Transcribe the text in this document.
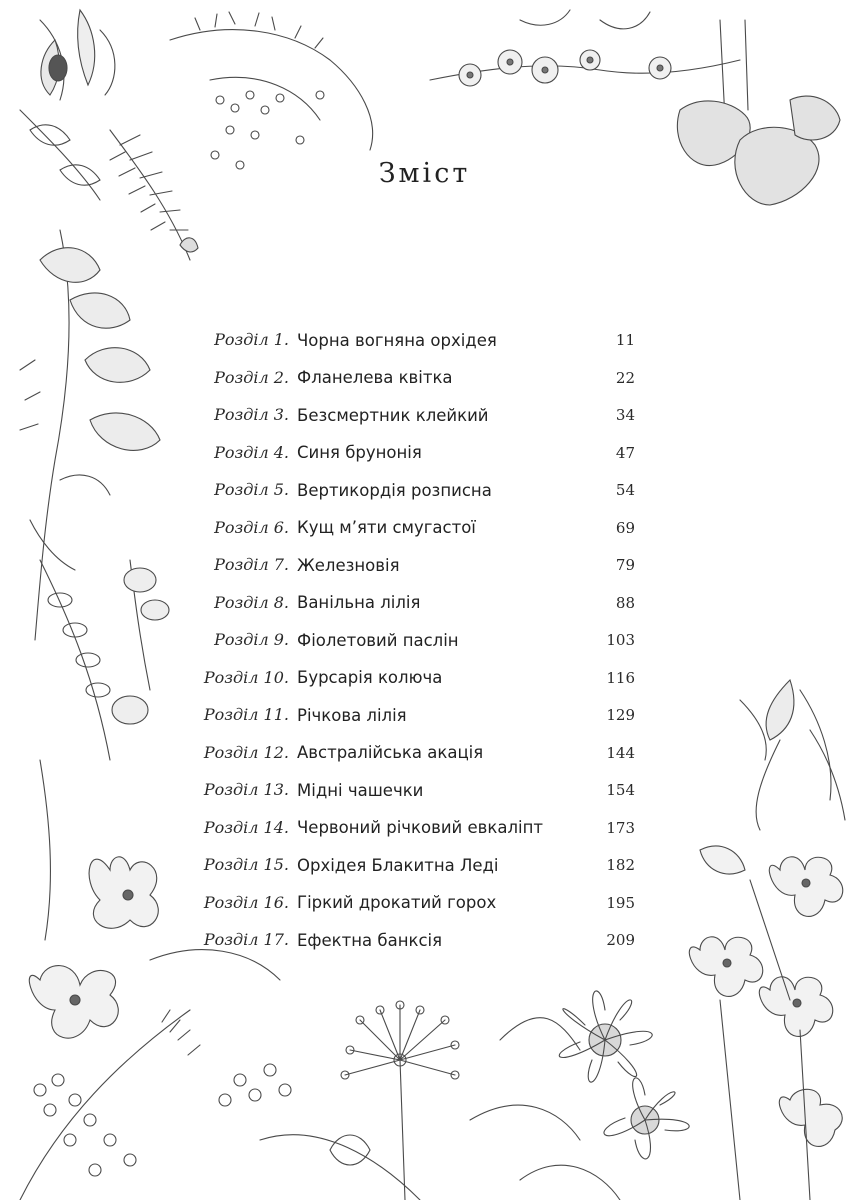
Зміст
Розділ 1. Чорна вогняна орхідея	11
Розділ 2. Фланелева квітка	22
Розділ 3. Безсмертник клейкий	34
Розділ 4. Синя брунонія	47
Розділ 5. Вертикордія розписна	54
Розділ 6. Кущ м’яти смугастої	69
Розділ 7. Железновія	79
Розділ 8. Ванільна лілія	88
Розділ 9. Фіолетовий паслін	103
Розділ 10. Бурсарія колюча	116
Розділ 11. Річкова лілія	129
Розділ 12. Австралійська акація	144
Розділ 13. Мідні чашечки	154
Розділ 14. Червоний річковий евкаліпт	173
Розділ 15. Орхідея Блакитна Леді	182
Розділ 16. Гіркий дрокатий горох	195
Розділ 17. Ефектна банксія	209
